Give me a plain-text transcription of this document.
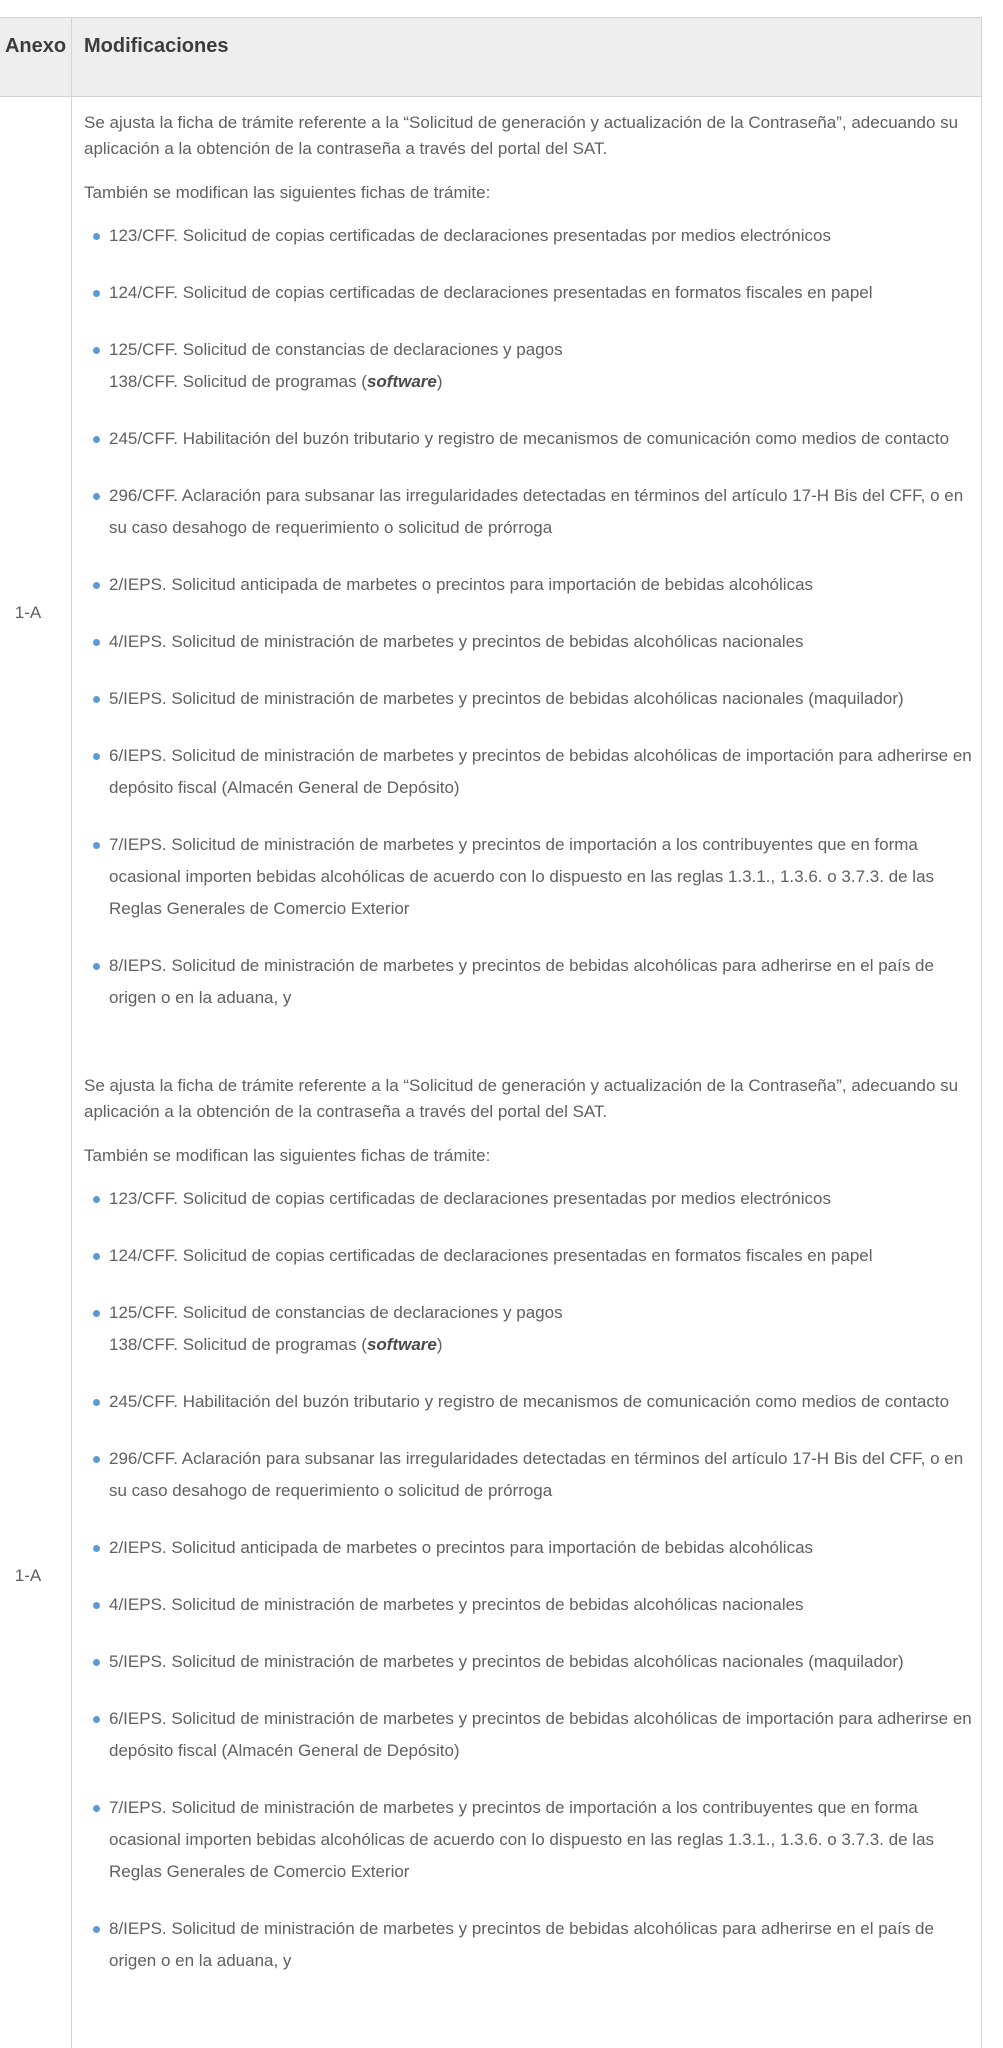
Anexo Modificaciones
1-A

Se ajusta la ficha de trámite referente a la “Solicitud de generación y actualización de la Contraseña”, adecuando su aplicación a la obtención de la contraseña a través del portal del SAT.

También se modifican las siguientes fichas de trámite:

123/CFF. Solicitud de copias certificadas de declaraciones presentadas por medios electrónicos
124/CFF. Solicitud de copias certificadas de declaraciones presentadas en formatos fiscales en papel
125/CFF. Solicitud de constancias de declaraciones y pagos
138/CFF. Solicitud de programas (software)
245/CFF. Habilitación del buzón tributario y registro de mecanismos de comunicación como medios de contacto
296/CFF. Aclaración para subsanar las irregularidades detectadas en términos del artículo 17-H Bis del CFF, o en su caso desahogo de requerimiento o solicitud de prórroga
2/IEPS. Solicitud anticipada de marbetes o precintos para importación de bebidas alcohólicas
4/IEPS. Solicitud de ministración de marbetes y precintos de bebidas alcohólicas nacionales
5/IEPS. Solicitud de ministración de marbetes y precintos de bebidas alcohólicas nacionales (maquilador)
6/IEPS. Solicitud de ministración de marbetes y precintos de bebidas alcohólicas de importación para adherirse en depósito fiscal (Almacén General de Depósito)
7/IEPS. Solicitud de ministración de marbetes y precintos de importación a los contribuyentes que en forma ocasional importen bebidas alcohólicas de acuerdo con lo dispuesto en las reglas 1.3.1., 1.3.6. o 3.7.3. de las Reglas Generales de Comercio Exterior
8/IEPS. Solicitud de ministración de marbetes y precintos de bebidas alcohólicas para adherirse en el país de origen o en la aduana, y
1-A

Se ajusta la ficha de trámite referente a la “Solicitud de generación y actualización de la Contraseña”, adecuando su aplicación a la obtención de la contraseña a través del portal del SAT.

También se modifican las siguientes fichas de trámite:

123/CFF. Solicitud de copias certificadas de declaraciones presentadas por medios electrónicos
124/CFF. Solicitud de copias certificadas de declaraciones presentadas en formatos fiscales en papel
125/CFF. Solicitud de constancias de declaraciones y pagos
138/CFF. Solicitud de programas (software)
245/CFF. Habilitación del buzón tributario y registro de mecanismos de comunicación como medios de contacto
296/CFF. Aclaración para subsanar las irregularidades detectadas en términos del artículo 17-H Bis del CFF, o en su caso desahogo de requerimiento o solicitud de prórroga
2/IEPS. Solicitud anticipada de marbetes o precintos para importación de bebidas alcohólicas
4/IEPS. Solicitud de ministración de marbetes y precintos de bebidas alcohólicas nacionales
5/IEPS. Solicitud de ministración de marbetes y precintos de bebidas alcohólicas nacionales (maquilador)
6/IEPS. Solicitud de ministración de marbetes y precintos de bebidas alcohólicas de importación para adherirse en depósito fiscal (Almacén General de Depósito)
7/IEPS. Solicitud de ministración de marbetes y precintos de importación a los contribuyentes que en forma ocasional importen bebidas alcohólicas de acuerdo con lo dispuesto en las reglas 1.3.1., 1.3.6. o 3.7.3. de las Reglas Generales de Comercio Exterior
8/IEPS. Solicitud de ministración de marbetes y precintos de bebidas alcohólicas para adherirse en el país de origen o en la aduana, y
